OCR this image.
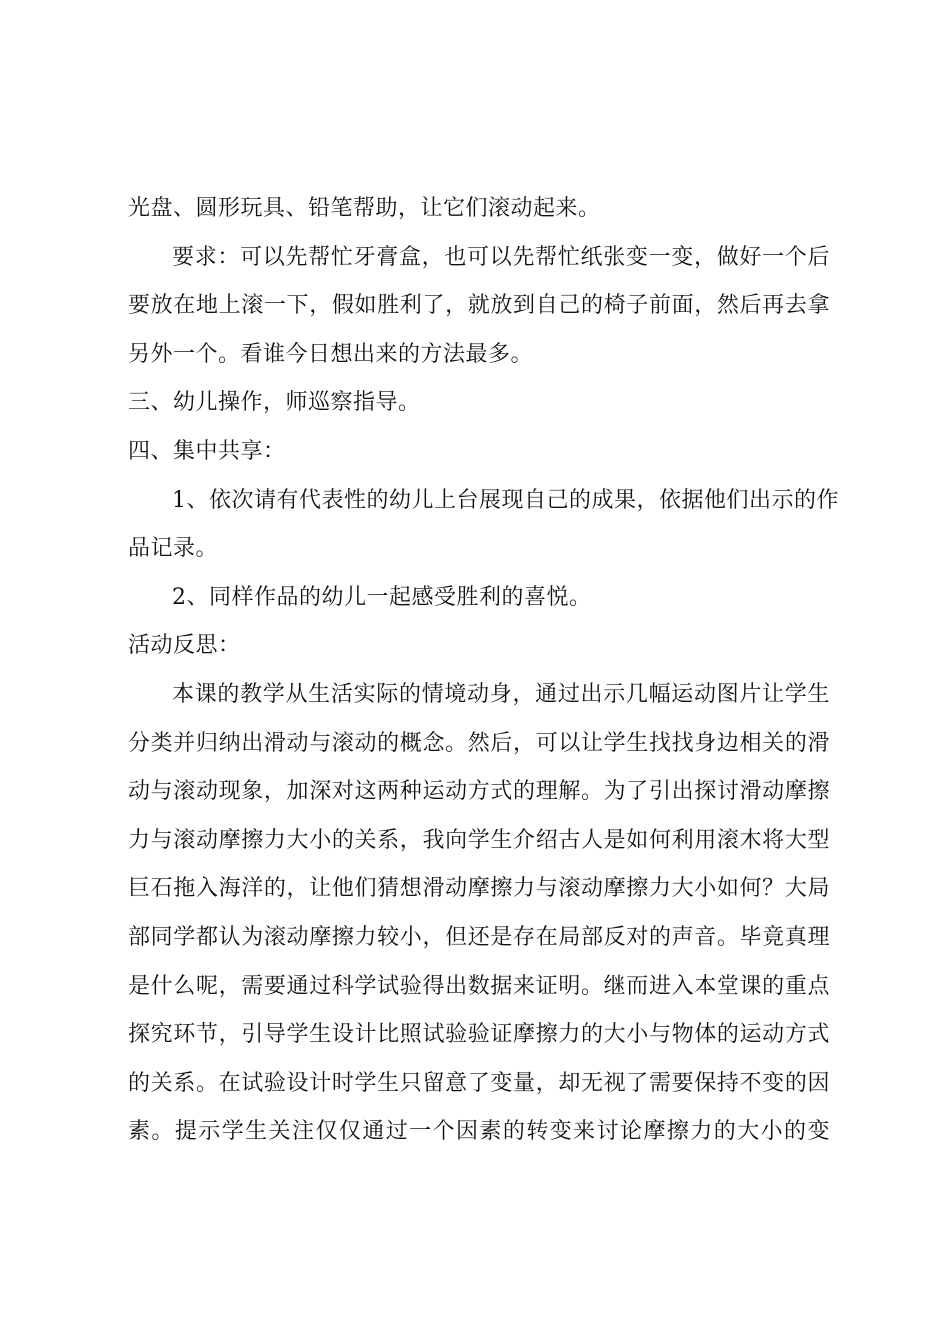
光盘、圆形玩具、铅笔帮助，让它们滚动起来。
要求：可以先帮忙牙膏盒，也可以先帮忙纸张变一变，做好一个后
要放在地上滚一下，假如胜利了，就放到自己的椅子前面，然后再去拿
另外一个。看谁今日想出来的方法最多。
三、幼儿操作，师巡察指导。
四、集中共享：
1、依次请有代表性的幼儿上台展现自己的成果，依据他们出示的作
品记录。
2、同样作品的幼儿一起感受胜利的喜悦。
活动反思：
本课的教学从生活实际的情境动身，通过出示几幅运动图片让学生
分类并归纳出滑动与滚动的概念。然后，可以让学生找找身边相关的滑
动与滚动现象，加深对这两种运动方式的理解。为了引出探讨滑动摩擦
力与滚动摩擦力大小的关系，我向学生介绍古人是如何利用滚木将大型
巨石拖入海洋的，让他们猜想滑动摩擦力与滚动摩擦力大小如何？大局
部同学都认为滚动摩擦力较小，但还是存在局部反对的声音。毕竟真理
是什么呢，需要通过科学试验得出数据来证明。继而进入本堂课的重点
探究环节，引导学生设计比照试验验证摩擦力的大小与物体的运动方式
的关系。在试验设计时学生只留意了变量，却无视了需要保持不变的因
素。提示学生关注仅仅通过一个因素的转变来讨论摩擦力的大小的变
